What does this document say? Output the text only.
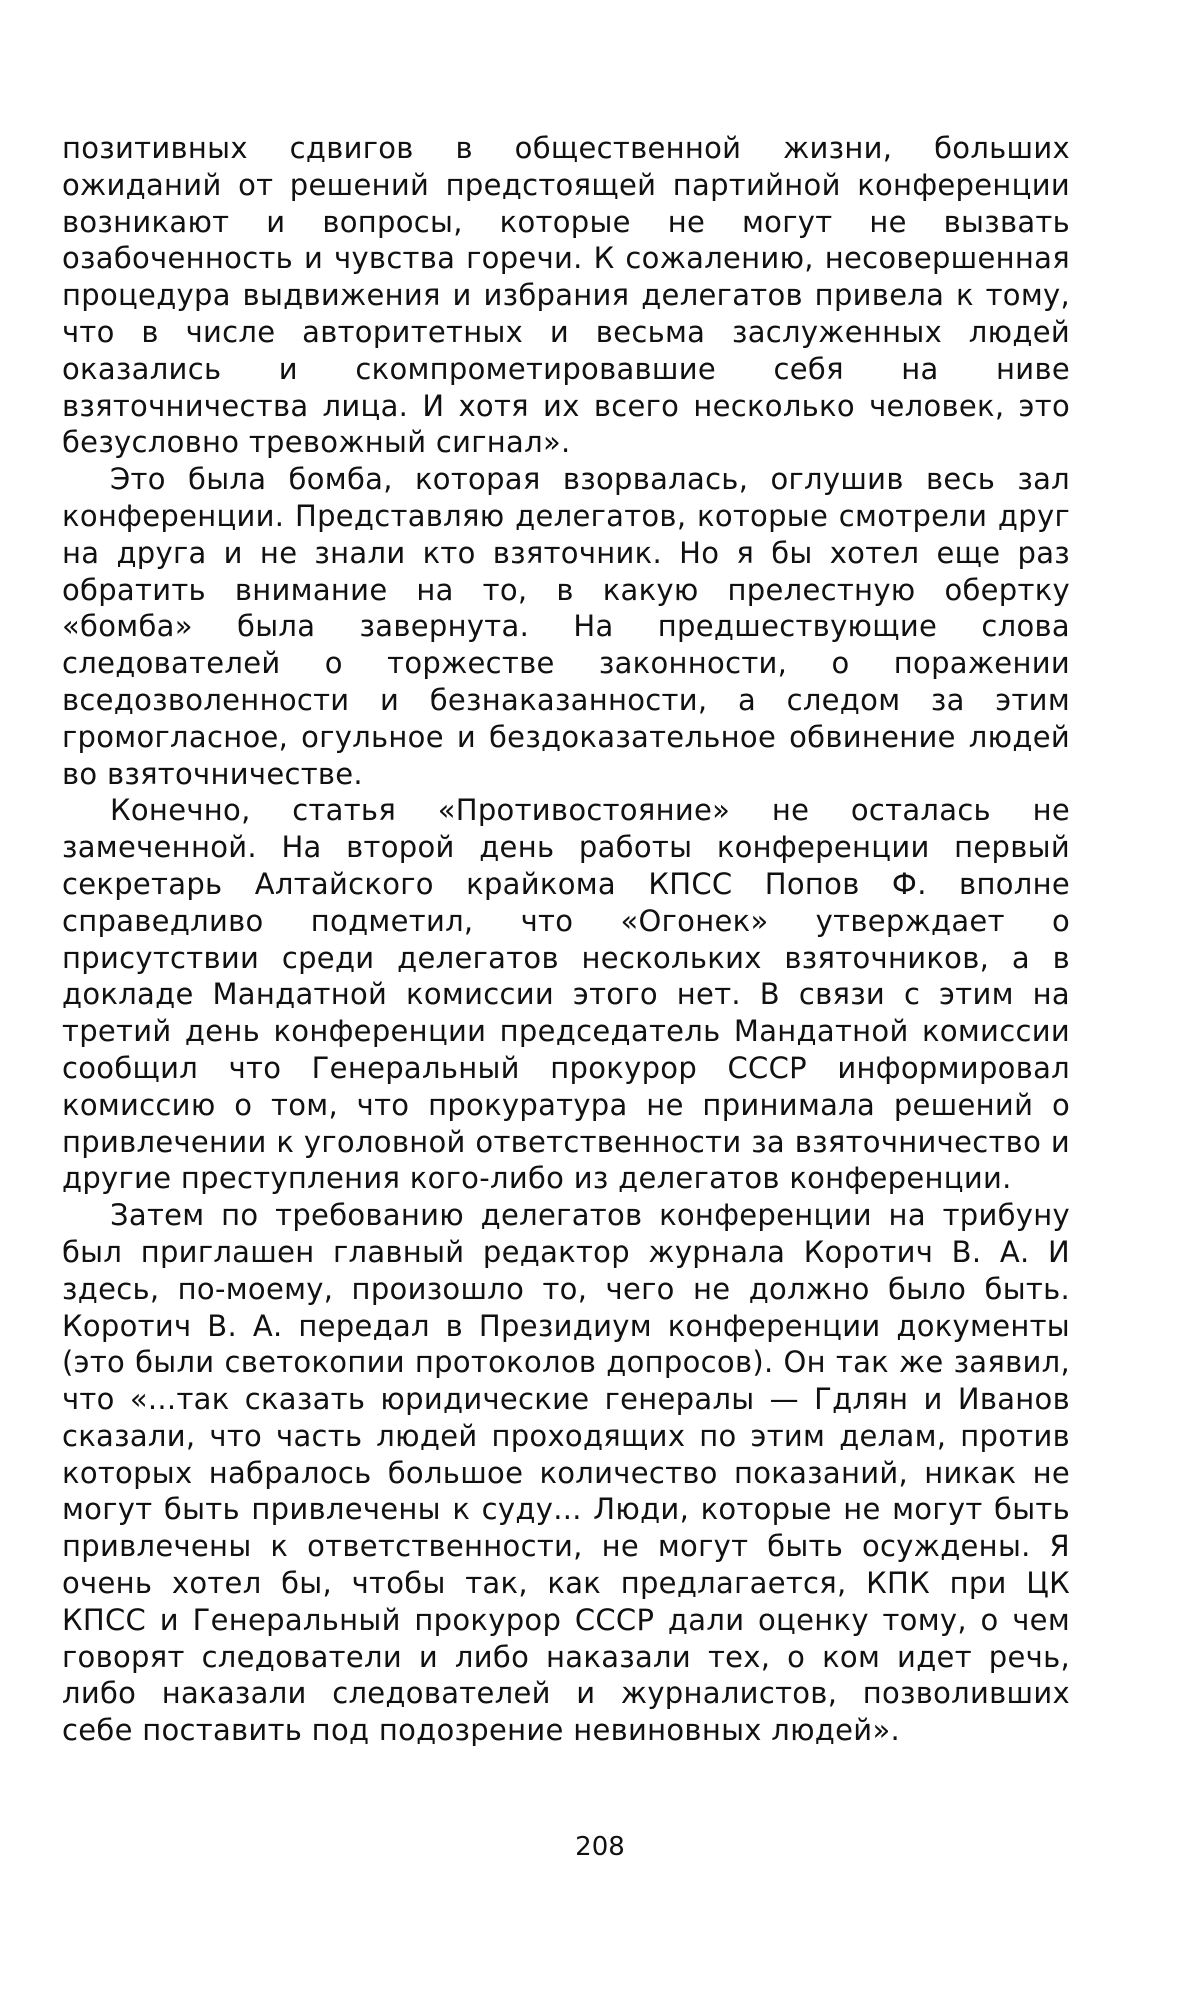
позитивных сдвигов в общественной жизни, больших ожиданий от решений предстоящей партийной конференции возникают и вопросы, которые не могут не вызвать озабоченность и чувства горечи. К сожалению, несовершенная процедура выдвижения и избрания делегатов привела к тому, что в числе авторитетных и весьма заслуженных людей оказались и скомпрометировавшие себя на ниве взяточничества лица. И хотя их всего несколько человек, это безусловно тревожный сигнал».

Это была бомба, которая взорвалась, оглушив весь зал конференции. Представляю делегатов, которые смотрели друг на друга и не знали кто взяточник. Но я бы хотел еще раз обратить внимание на то, в какую прелестную обертку «бомба» была завернута. На предшествующие слова следователей о торжестве законности, о поражении вседозволенности и безнаказанности, а следом за этим громогласное, огульное и бездоказательное обвинение людей во взяточничестве.

Конечно, статья «Противостояние» не осталась не замеченной. На второй день работы конференции первый секретарь Алтайского крайкома КПСС Попов Ф. вполне справедливо подметил, что «Огонек» утверждает о присутствии среди делегатов нескольких взяточников, а в докладе Мандатной комиссии этого нет. В связи с этим на третий день конференции председатель Мандатной комиссии сообщил что Генеральный прокурор СССР информировал комиссию о том, что прокуратура не принимала решений о привлечении к уголовной ответственности за взяточничество и другие преступления кого-либо из делегатов конференции.

Затем по требованию делегатов конференции на трибуну был приглашен главный редактор журнала Коротич В. А. И здесь, по-моему, произошло то, чего не должно было быть. Коротич В. А. передал в Президиум конференции документы (это были светокопии протоколов допросов). Он так же заявил, что «...так сказать юридические генералы — Гдлян и Иванов сказали, что часть людей проходящих по этим делам, против которых набралось большое количество показаний, никак не могут быть привлечены к суду... Люди, которые не могут быть привлечены к ответственности, не могут быть осуждены. Я очень хотел бы, чтобы так, как предлагается, КПК при ЦК КПСС и Генеральный прокурор СССР дали оценку тому, о чем говорят следователи и либо наказали тех, о ком идет речь, либо наказали следователей и журналистов, позволивших себе поставить под подозрение невиновных людей».

208
